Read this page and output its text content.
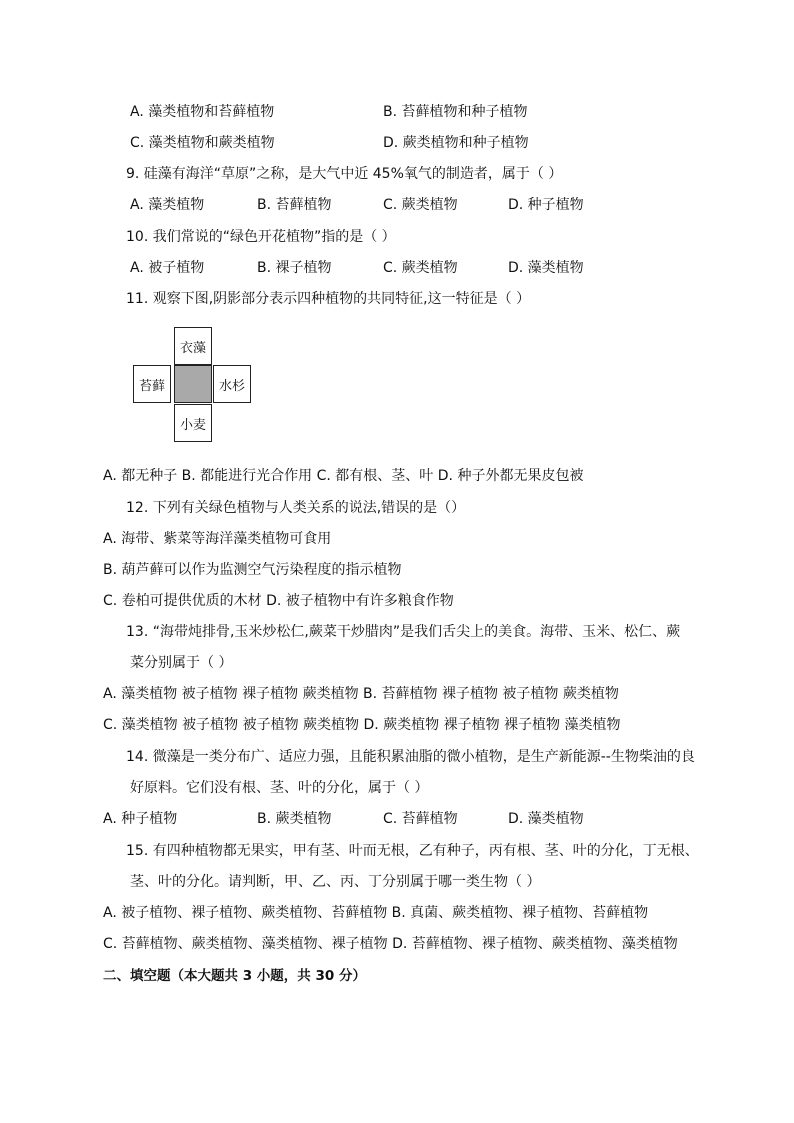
A. 藻类植物和苔藓植物	B. 苔藓植物和种子植物
C. 藻类植物和蕨类植物	D. 蕨类植物和种子植物
9. 硅藻有海洋“草原”之称，是大气中近 45%氧气的制造者，属于（ ）
A. 藻类植物	B. 苔藓植物	C. 蕨类植物	D. 种子植物
10. 我们常说的“绿色开花植物”指的是（ ）
A. 被子植物	B. 裸子植物	C. 蕨类植物	D. 藻类植物
11. 观察下图,阴影部分表示四种植物的共同特征,这一特征是（ ）
衣藻
苔藓	水杉
小麦
A. 都无种子 B. 都能进行光合作用 C. 都有根、茎、叶 D. 种子外都无果皮包被
12. 下列有关绿色植物与人类关系的说法,错误的是（）
A. 海带、紫菜等海洋藻类植物可食用
B. 葫芦藓可以作为监测空气污染程度的指示植物
C. 卷柏可提供优质的木材 D. 被子植物中有许多粮食作物
13. “海带炖排骨,玉米炒松仁,蕨菜干炒腊肉”是我们舌尖上的美食。海带、玉米、松仁、蕨
菜分别属于（ ）
A. 藻类植物 被子植物 裸子植物 蕨类植物 B. 苔藓植物 裸子植物 被子植物 蕨类植物
C. 藻类植物 被子植物 被子植物 蕨类植物 D. 蕨类植物 裸子植物 裸子植物 藻类植物
14. 微藻是一类分布广、适应力强，且能积累油脂的微小植物，是生产新能源--生物柴油的良
好原料。它们没有根、茎、叶的分化，属于（ ）
A. 种子植物	B. 蕨类植物	C. 苔藓植物	D. 藻类植物
15. 有四种植物都无果实，甲有茎、叶而无根，乙有种子，丙有根、茎、叶的分化，丁无根、
茎、叶的分化。请判断，甲、乙、丙、丁分别属于哪一类生物（ ）
A. 被子植物、裸子植物、蕨类植物、苔藓植物 B. 真菌、蕨类植物、裸子植物、苔藓植物
C. 苔藓植物、蕨类植物、藻类植物、裸子植物 D. 苔藓植物、裸子植物、蕨类植物、藻类植物
二、填空题（本大题共 3 小题，共 30 分）
